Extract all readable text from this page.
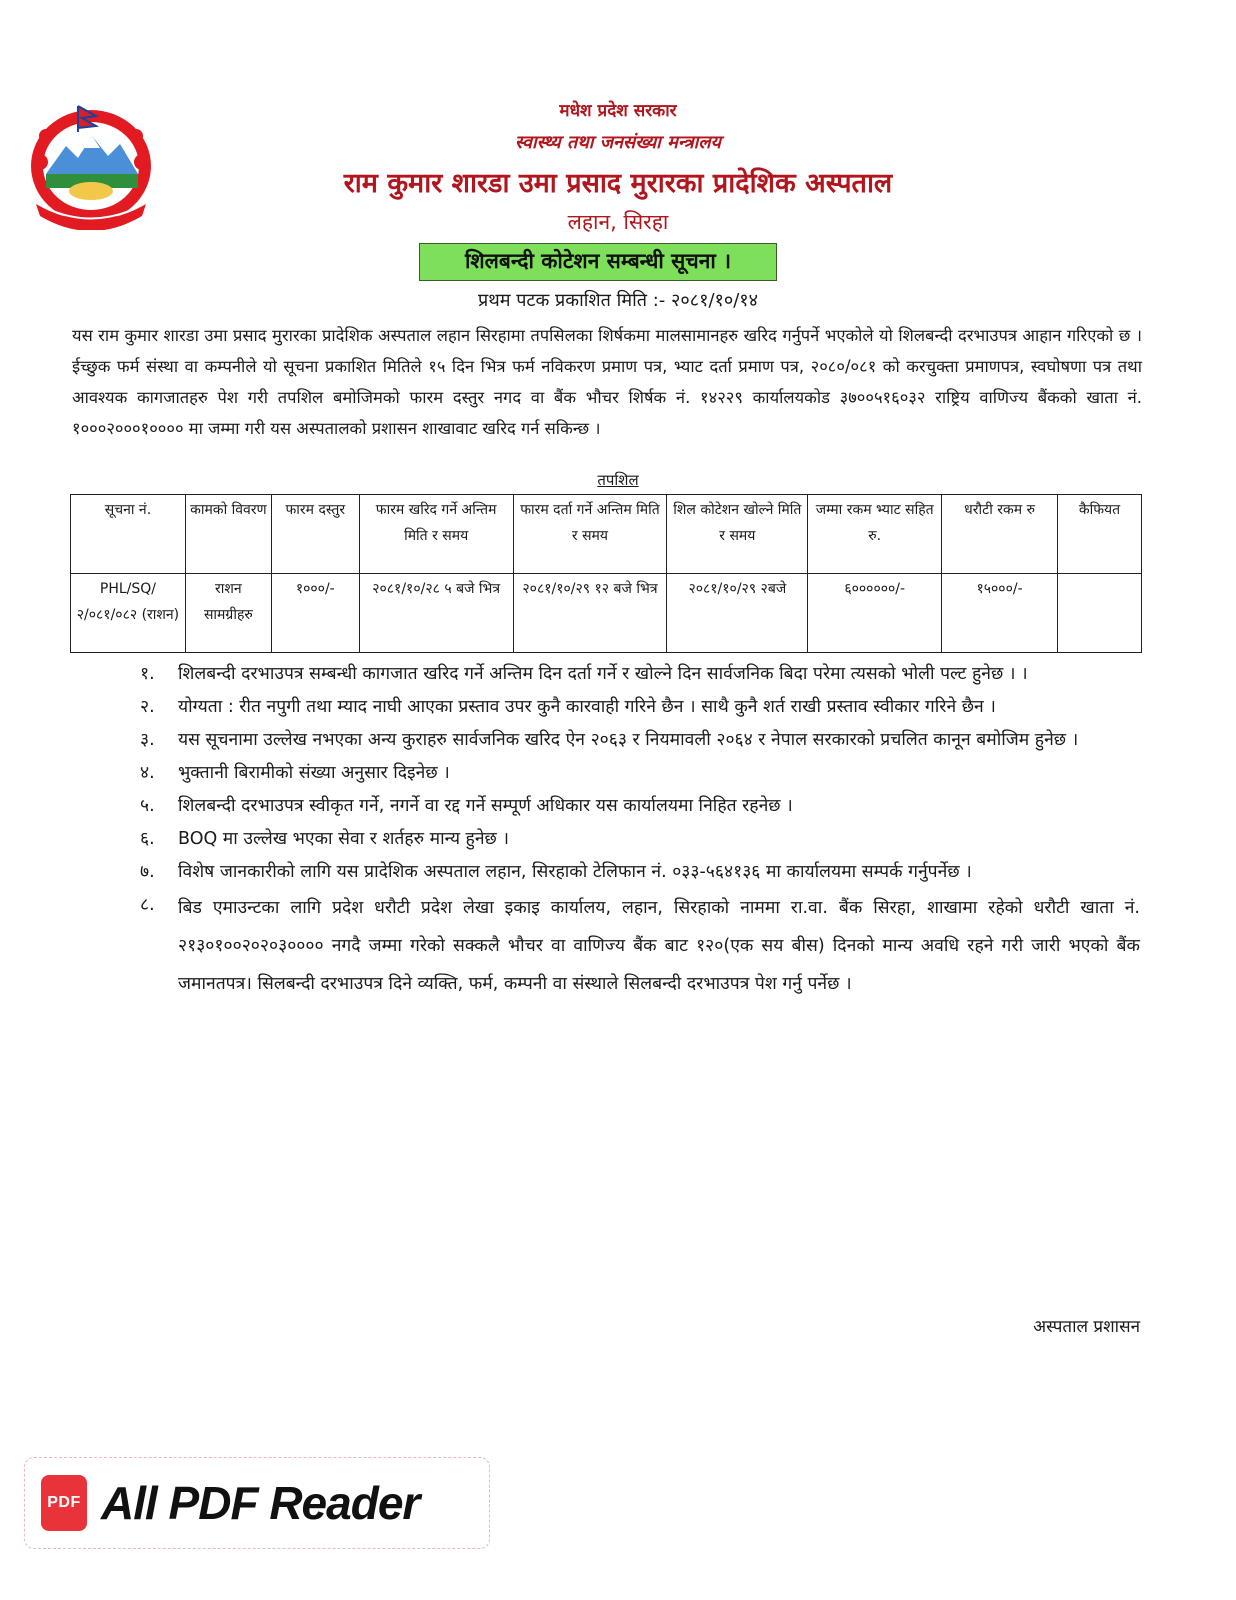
मधेश प्रदेश सरकार
स्वास्थ्य तथा जनसंख्या मन्त्रालय
राम कुमार शारडा उमा प्रसाद मुरारका प्रादेशिक अस्पताल
लहान, सिरहा
शिलबन्दी कोटेशन सम्बन्धी सूचना ।
प्रथम पटक प्रकाशित मिति :- २०८१/१०/१४
यस राम कुमार शारडा उमा प्रसाद मुरारका प्रादेशिक अस्पताल लहान सिरहामा तपसिलका शिर्षकमा मालसामानहरु खरिद गर्नुपर्ने भएकोले यो शिलबन्दी दरभाउपत्र आहान गरिएको छ । ईच्छुक फर्म संस्था वा कम्पनीले यो सूचना प्रकाशित मितिले १५ दिन भित्र फर्म नविकरण प्रमाण पत्र, भ्याट दर्ता प्रमाण पत्र, २०८०/०८१ को करचुक्ता प्रमाणपत्र, स्वघोषणा पत्र तथा आवश्यक कागजातहरु पेश गरी तपशिल बमोजिमको फारम दस्तुर नगद वा बैंक भौचर शिर्षक नं. १४२२९ कार्यालयकोड ३७००५१६०३२ राष्ट्रिय वाणिज्य बैंकको खाता नं. १०००२०००१०००० मा जम्मा गरी यस अस्पतालको प्रशासन शाखावाट खरिद गर्न सकिन्छ ।
तपशिल
सूचना नं.	कामको विवरण	फारम दस्तुर	फारम खरिद गर्ने अन्तिम मिति र समय	फारम दर्ता गर्ने अन्तिम मिति र समय	शिल कोटेशन खोल्ने मिति र समय	जम्मा रकम भ्याट सहित रु.	धरौटी रकम रु	कैफियत
PHL/SQ/२/०८१/०८२ (राशन)	राशन सामग्रीहरु	१०००/-	२०८१/१०/२८ ५ बजे भित्र	२०८१/१०/२९ १२ बजे भित्र	२०८१/१०/२९ २बजे	६००००००/-	१५०००/-	
१.	शिलबन्दी दरभाउपत्र सम्बन्धी कागजात खरिद गर्ने अन्तिम दिन दर्ता गर्ने र खोल्ने दिन सार्वजनिक बिदा परेमा त्यसको भोली पल्ट हुनेछ । ।
२.	योग्यता : रीत नपुगी तथा म्याद नाघी आएका प्रस्ताव उपर कुनै कारवाही गरिने छैन । साथै कुनै शर्त राखी प्रस्ताव स्वीकार गरिने छैन ।
३.	यस सूचनामा उल्लेख नभएका अन्य कुराहरु सार्वजनिक खरिद ऐन २०६३ र नियमावली २०६४ र नेपाल सरकारको प्रचलित कानून बमोजिम हुनेछ ।
४.	भुक्तानी बिरामीको संख्या अनुसार दिइनेछ ।
५.	शिलबन्दी दरभाउपत्र स्वीकृत गर्ने, नगर्ने वा रद्द गर्ने सम्पूर्ण अधिकार यस कार्यालयमा निहित रहनेछ ।
६.	BOQ मा उल्लेख भएका सेवा र शर्तहरु मान्य हुनेछ ।
७.	विशेष जानकारीको लागि यस प्रादेशिक अस्पताल लहान, सिरहाको टेलिफान नं. ०३३-५६४१३६ मा कार्यालयमा सम्पर्क गर्नुपर्नेछ ।
८.	बिड एमाउन्टका लागि प्रदेश धरौटी प्रदेश लेखा इकाइ कार्यालय, लहान, सिरहाको नाममा रा.वा. बैंक सिरहा, शाखामा रहेको धरौटी खाता नं. २१३०१००२०२०३०००० नगदै जम्मा गरेको सक्कलै भौचर वा वाणिज्य बैंक बाट १२०(एक सय बीस) दिनको मान्य अवधि रहने गरी जारी भएको बैंक जमानतपत्र। सिलबन्दी दरभाउपत्र दिने व्यक्ति, फर्म, कम्पनी वा संस्थाले सिलबन्दी दरभाउपत्र पेश गर्नु पर्नेछ ।
अस्पताल प्रशासन
PDF All PDF Reader
